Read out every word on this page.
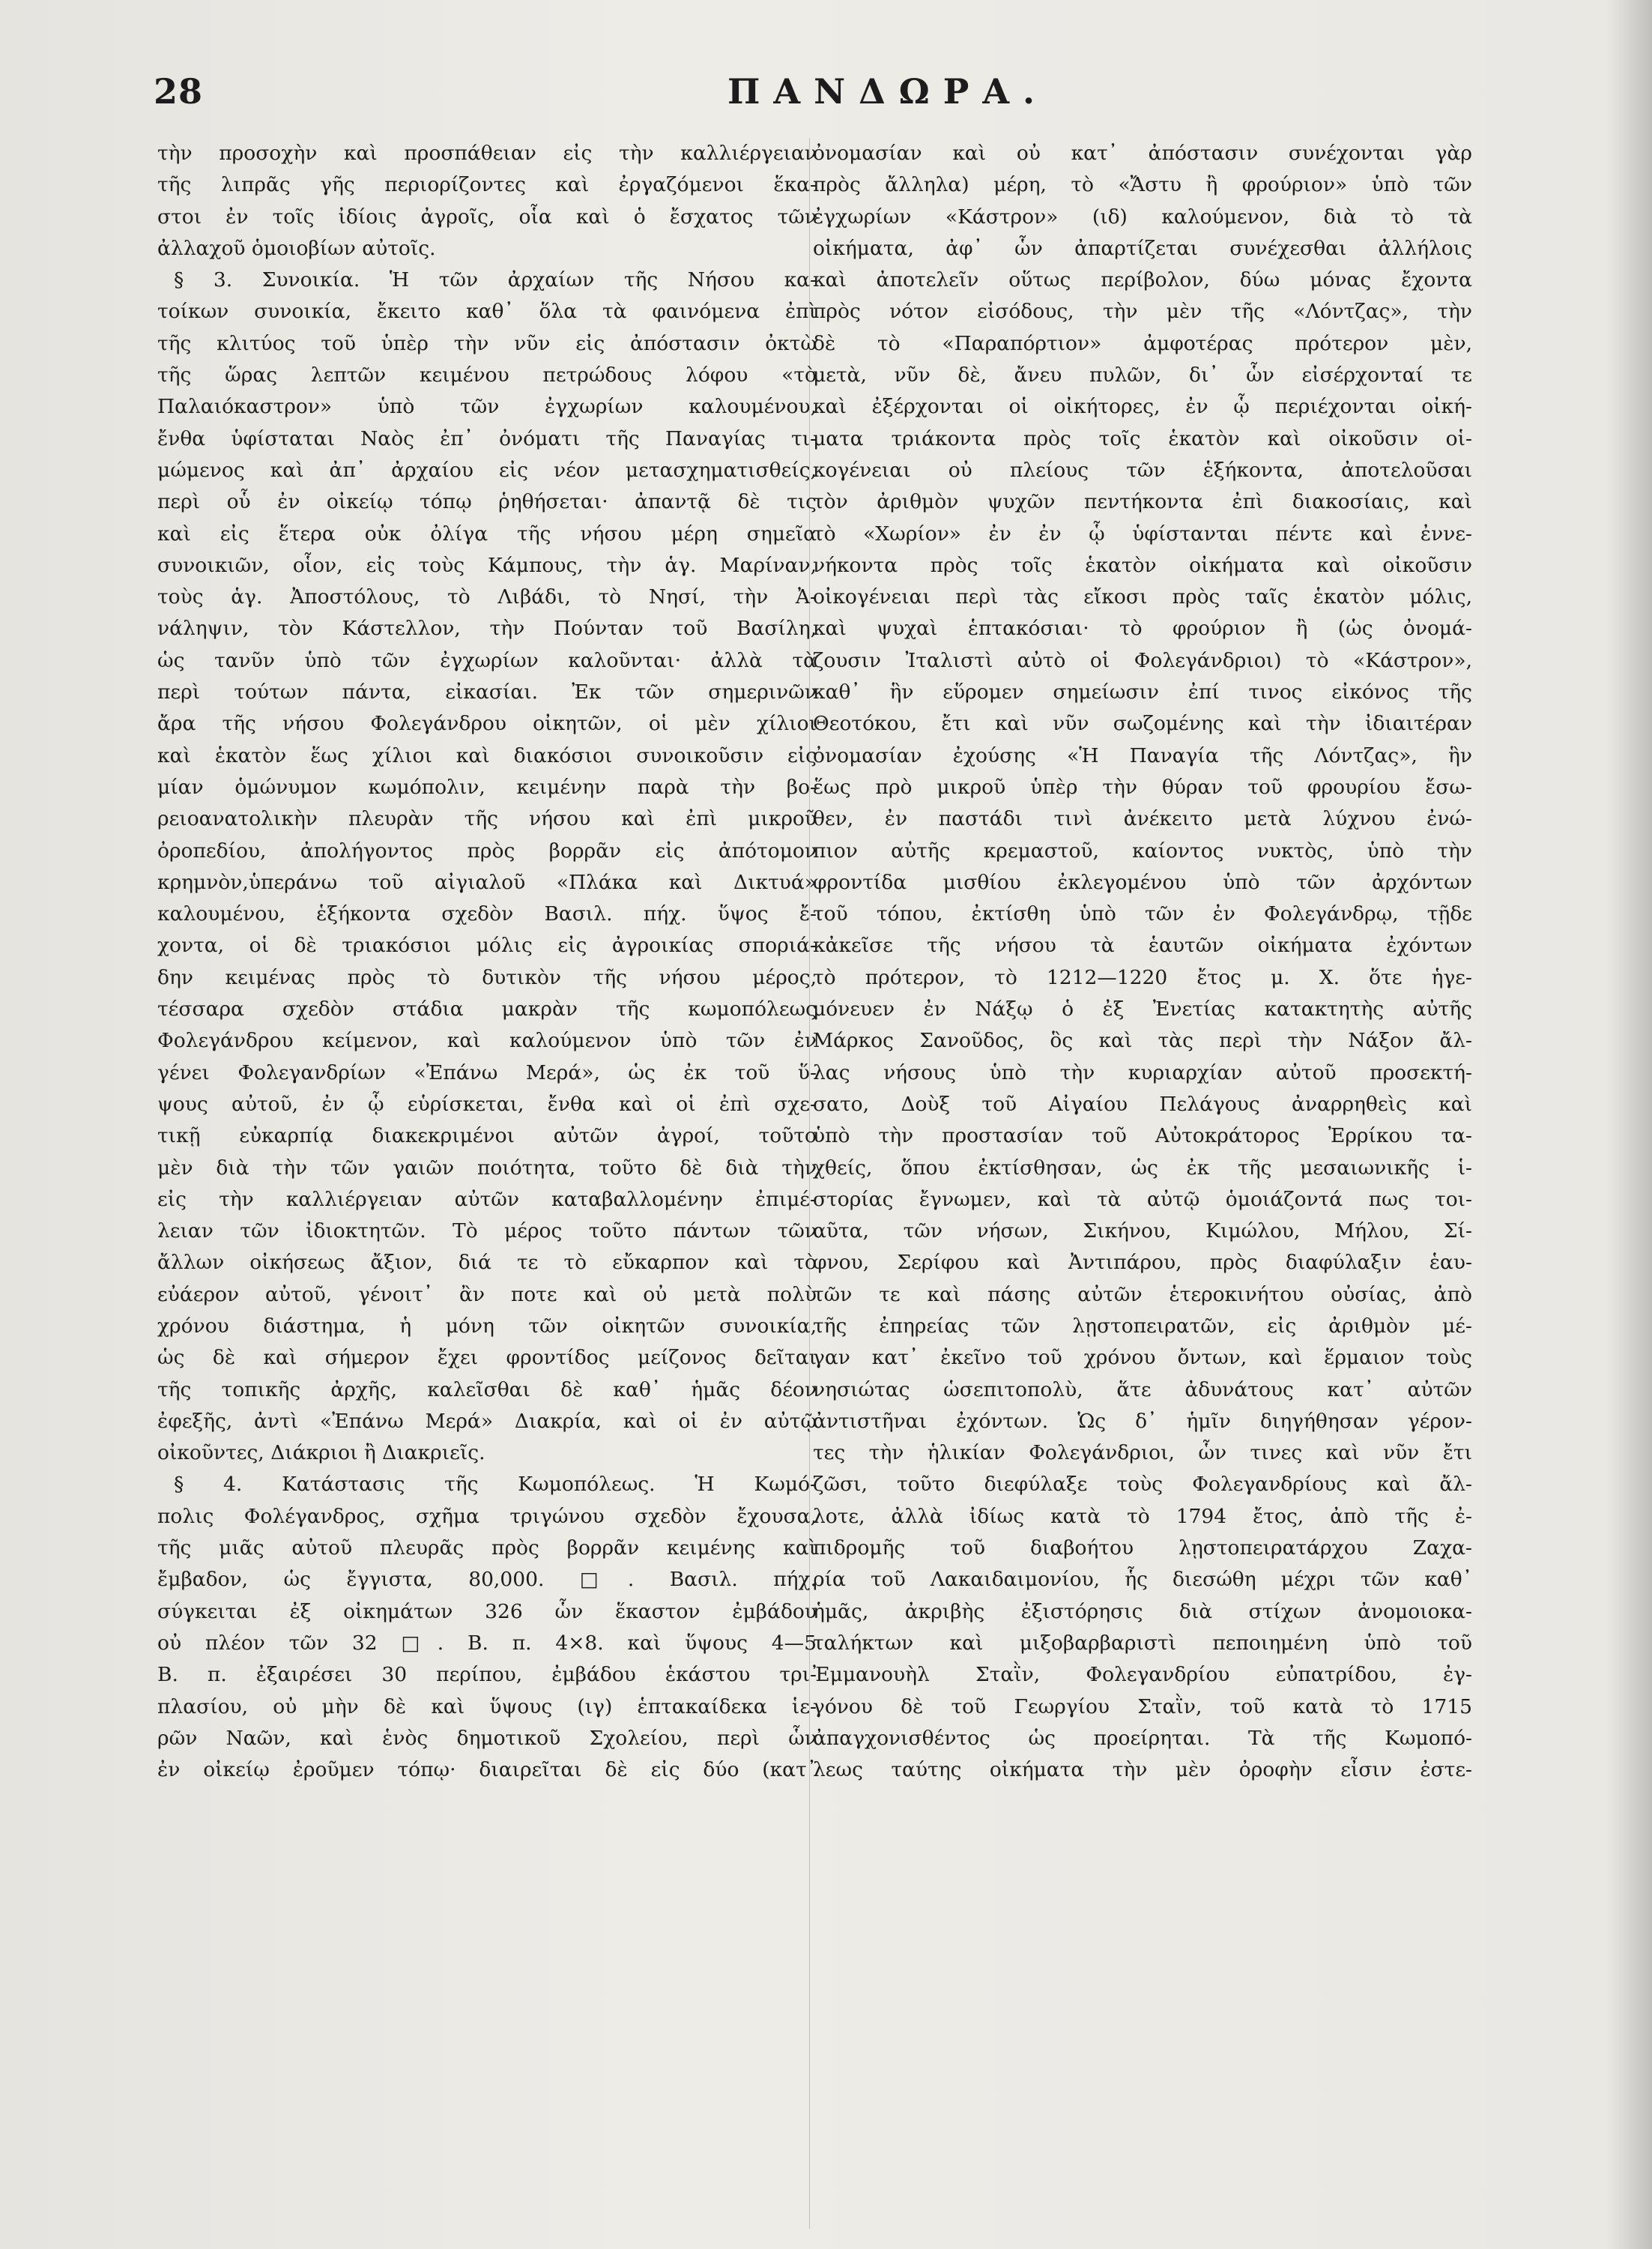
28	ΠΑΝΔΩΡΑ.
τὴν προσοχὴν καὶ προσπάθειαν εἰς τὴν καλλιέργειαν
τῆς λιπρᾶς γῆς περιορίζοντες καὶ ἐργαζόμενοι ἕκα-
στοι ἐν τοῖς ἰδίοις ἀγροῖς, οἷα καὶ ὁ ἔσχατος τῶν
ἀλλαχοῦ ὁμοιοβίων αὐτοῖς.
§ 3. Συνοικία. Ἡ τῶν ἀρχαίων τῆς Νήσου κα-
τοίκων συνοικία, ἔκειτο καθ᾽ ὅλα τὰ φαινόμενα ἐπὶ
τῆς κλιτύος τοῦ ὑπὲρ τὴν νῦν εἰς ἀπόστασιν ὀκτὼ
τῆς ὥρας λεπτῶν κειμένου πετρώδους λόφου «τὸ
Παλαιόκαστρον» ὑπὸ τῶν ἐγχωρίων καλουμένου,
ἔνθα ὑφίσταται Ναὸς ἐπ᾽ ὀνόματι τῆς Παναγίας τι-
μώμενος καὶ ἀπ᾽ ἀρχαίου εἰς νέον μετασχηματισθείς,
περὶ οὗ ἐν οἰκείῳ τόπῳ ῥηθήσεται· ἀπαντᾷ δὲ τις
καὶ εἰς ἕτερα οὐκ ὀλίγα τῆς νήσου μέρη σημεῖα
συνοικιῶν, οἷον, εἰς τοὺς Κάμπους, τὴν ἁγ. Μαρίναν,
τοὺς ἁγ. Ἀποστόλους, τὸ Λιβάδι, τὸ Νησί, τὴν Ἀ-
νάληψιν, τὸν Κάστελλον, τὴν Πούνταν τοῦ Βασίλη,
ὡς τανῦν ὑπὸ τῶν ἐγχωρίων καλοῦνται· ἀλλὰ τὰ
περὶ τούτων πάντα, εἰκασίαι. Ἐκ τῶν σημερινῶν
ἄρα τῆς νήσου Φολεγάνδρου οἰκητῶν, οἱ μὲν χίλιοι
καὶ ἑκατὸν ἕως χίλιοι καὶ διακόσιοι συνοικοῦσιν εἰς
μίαν ὁμώνυμον κωμόπολιν, κειμένην παρὰ τὴν βο-
ρειοανατολικὴν πλευρὰν τῆς νήσου καὶ ἐπὶ μικροῦ
ὀροπεδίου, ἀπολήγοντος πρὸς βορρᾶν εἰς ἀπότομον
κρημνὸν,ὑπεράνω τοῦ αἰγιαλοῦ «Πλάκα καὶ Δικτυά»
καλουμένου, ἑξήκοντα σχεδὸν Βασιλ. πήχ. ὕψος ἔ-
χοντα, οἱ δὲ τριακόσιοι μόλις εἰς ἀγροικίας σποριά-
δην κειμένας πρὸς τὸ δυτικὸν τῆς νήσου μέρος,
τέσσαρα σχεδὸν στάδια μακρὰν τῆς κωμοπόλεως
Φολεγάνδρου κείμενον, καὶ καλούμενον ὑπὸ τῶν ἐν
γένει Φολεγανδρίων «Ἐπάνω Μερά», ὡς ἐκ τοῦ ὕ-
ψους αὐτοῦ, ἐν ᾧ εὑρίσκεται, ἔνθα καὶ οἱ ἐπὶ σχε-
τικῇ εὐκαρπίᾳ διακεκριμένοι αὐτῶν ἀγροί, τοῦτο
μὲν διὰ τὴν τῶν γαιῶν ποιότητα, τοῦτο δὲ διὰ τὴν
εἰς τὴν καλλιέργειαν αὐτῶν καταβαλλομένην ἐπιμέ-
λειαν τῶν ἰδιοκτητῶν. Τὸ μέρος τοῦτο πάντων τῶν
ἄλλων οἰκήσεως ἄξιον, διά τε τὸ εὔκαρπον καὶ τὸ
εὐάερον αὐτοῦ, γένοιτ᾽ ἂν ποτε καὶ οὐ μετὰ πολὺ
χρόνου διάστημα, ἡ μόνη τῶν οἰκητῶν συνοικία,
ὡς δὲ καὶ σήμερον ἔχει φροντίδος μείζονος δεῖται
τῆς τοπικῆς ἀρχῆς, καλεῖσθαι δὲ καθ᾽ ἡμᾶς δέον
ἐφεξῆς, ἀντὶ «Ἐπάνω Μερά» Διακρία, καὶ οἱ ἐν αὐτῷ
οἰκοῦντες, Διάκριοι ἢ Διακριεῖς.
§ 4. Κατάστασις τῆς Κωμοπόλεως. Ἡ Κωμό-
πολις Φολέγανδρος, σχῆμα τριγώνου σχεδὸν ἔχουσα,
τῆς μιᾶς αὐτοῦ πλευρᾶς πρὸς βορρᾶν κειμένης καὶ
ἔμβαδον, ὡς ἔγγιστα, 80,000. □. Βασιλ. πήχ.
σύγκειται ἐξ οἰκημάτων 326 ὧν ἕκαστον ἐμβάδου
οὐ πλέον τῶν 32 □. Β. π. 4×8. καὶ ὕψους 4—5
Β. π. ἐξαιρέσει 30 περίπου, ἐμβάδου ἑκάστου τρι-
πλασίου, οὐ μὴν δὲ καὶ ὕψους (ιγ) ἑπτακαίδεκα ἱε-
ρῶν Ναῶν, καὶ ἑνὸς δημοτικοῦ Σχολείου, περὶ ὧν
ἐν οἰκείῳ ἐροῦμεν τόπῳ· διαιρεῖται δὲ εἰς δύο (κατ᾽
ὀνομασίαν καὶ οὐ κατ᾽ ἀπόστασιν συνέχονται γὰρ
πρὸς ἄλληλα) μέρη, τὸ «Ἄστυ ἢ φρούριον» ὑπὸ τῶν
ἐγχωρίων «Κάστρον» (ιδ) καλούμενον, διὰ τὸ τὰ
οἰκήματα, ἀφ᾽ ὧν ἀπαρτίζεται συνέχεσθαι ἀλλήλοις
καὶ ἀποτελεῖν οὕτως περίβολον, δύω μόνας ἔχοντα
πρὸς νότον εἰσόδους, τὴν μὲν τῆς «Λόντζας», τὴν
δὲ τὸ «Παραπόρτιον» ἀμφοτέρας πρότερον μὲν,
μετὰ, νῦν δὲ, ἄνευ πυλῶν, δι᾽ ὧν εἰσέρχονταί τε
καὶ ἐξέρχονται οἱ οἰκήτορες, ἐν ᾧ περιέχονται οἰκή-
ματα τριάκοντα πρὸς τοῖς ἑκατὸν καὶ οἰκοῦσιν οἱ-
κογένειαι οὐ πλείους τῶν ἑξήκοντα, ἀποτελοῦσαι
τὸν ἀριθμὸν ψυχῶν πεντήκοντα ἐπὶ διακοσίαις, καὶ
τὸ «Χωρίον» ἐν ἐν ᾧ ὑφίστανται πέντε καὶ ἐννε-
νήκοντα πρὸς τοῖς ἑκατὸν οἰκήματα καὶ οἰκοῦσιν
οἰκογένειαι περὶ τὰς εἴκοσι πρὸς ταῖς ἑκατὸν μόλις,
καὶ ψυχαὶ ἑπτακόσιαι· τὸ φρούριον ἢ (ὡς ὀνομά-
ζουσιν Ἰταλιστὶ αὐτὸ οἱ Φολεγάνδριοι) τὸ «Κάστρον»,
καθ᾽ ἣν εὕρομεν σημείωσιν ἐπί τινος εἰκόνος τῆς
Θεοτόκου, ἔτι καὶ νῦν σωζομένης καὶ τὴν ἰδιαιτέραν
ὀνομασίαν ἐχούσης «Ἡ Παναγία τῆς Λόντζας», ἣν
ἕως πρὸ μικροῦ ὑπὲρ τὴν θύραν τοῦ φρουρίου ἔσω-
θεν, ἐν παστάδι τινὶ ἀνέκειτο μετὰ λύχνου ἐνώ-
πιον αὐτῆς κρεμαστοῦ, καίοντος νυκτὸς, ὑπὸ τὴν
φροντίδα μισθίου ἐκλεγομένου ὑπὸ τῶν ἀρχόντων
τοῦ τόπου, ἐκτίσθη ὑπὸ τῶν ἐν Φολεγάνδρῳ, τῇδε
κἀκεῖσε τῆς νήσου τὰ ἑαυτῶν οἰκήματα ἐχόντων
τὸ πρότερον, τὸ 1212—1220 ἔτος μ. Χ. ὅτε ἡγε-
μόνευεν ἐν Νάξῳ ὁ ἐξ Ἐνετίας κατακτητὴς αὐτῆς
Μάρκος Σανοῦδος, ὃς καὶ τὰς περὶ τὴν Νάξον ἄλ-
λας νήσους ὑπὸ τὴν κυριαρχίαν αὐτοῦ προσεκτή-
σατο, Δοὺξ τοῦ Αἰγαίου Πελάγους ἀναρρηθεὶς καὶ
ὑπὸ τὴν προστασίαν τοῦ Αὐτοκράτορος Ἐρρίκου τα-
χθείς, ὅπου ἐκτίσθησαν, ὡς ἐκ τῆς μεσαιωνικῆς ἱ-
στορίας ἔγνωμεν, καὶ τὰ αὐτῷ ὁμοιάζοντά πως τοι-
αῦτα, τῶν νήσων, Σικήνου, Κιμώλου, Μήλου, Σί-
φνου, Σερίφου καὶ Ἀντιπάρου, πρὸς διαφύλαξιν ἑαυ-
τῶν τε καὶ πάσης αὐτῶν ἑτεροκινήτου οὐσίας, ἀπὸ
τῆς ἐπηρείας τῶν λῃστοπειρατῶν, εἰς ἀριθμὸν μέ-
γαν κατ᾽ ἐκεῖνο τοῦ χρόνου ὄντων, καὶ ἕρμαιον τοὺς
νησιώτας ὡσεπιτοπολὺ, ἅτε ἀδυνάτους κατ᾽ αὐτῶν
ἀντιστῆναι ἐχόντων. Ὡς δ᾽ ἡμῖν διηγήθησαν γέρον-
τες τὴν ἡλικίαν Φολεγάνδριοι, ὧν τινες καὶ νῦν ἔτι
ζῶσι, τοῦτο διεφύλαξε τοὺς Φολεγανδρίους καὶ ἄλ-
λοτε, ἀλλὰ ἰδίως κατὰ τὸ 1794 ἔτος, ἀπὸ τῆς ἐ-
πιδρομῆς τοῦ διαβοήτου λῃστοπειρατάρχου Ζαχα-
ρία τοῦ Λακαιδαιμονίου, ἧς διεσώθη μέχρι τῶν καθ᾽
ἡμᾶς, ἀκριβὴς ἐξιστόρησις διὰ στίχων ἀνομοιοκα-
ταλήκτων καὶ μιξοβαρβαριστὶ πεποιημένη ὑπὸ τοῦ
Ἐμμανουὴλ Σταῒν, Φολεγανδρίου εὐπατρίδου, ἐγ-
γόνου δὲ τοῦ Γεωργίου Σταῒν, τοῦ κατὰ τὸ 1715
ἀπαγχονισθέντος ὡς προείρηται. Τὰ τῆς Κωμοπό-
λεως ταύτης οἰκήματα τὴν μὲν ὀροφὴν εἶσιν ἐστε-
